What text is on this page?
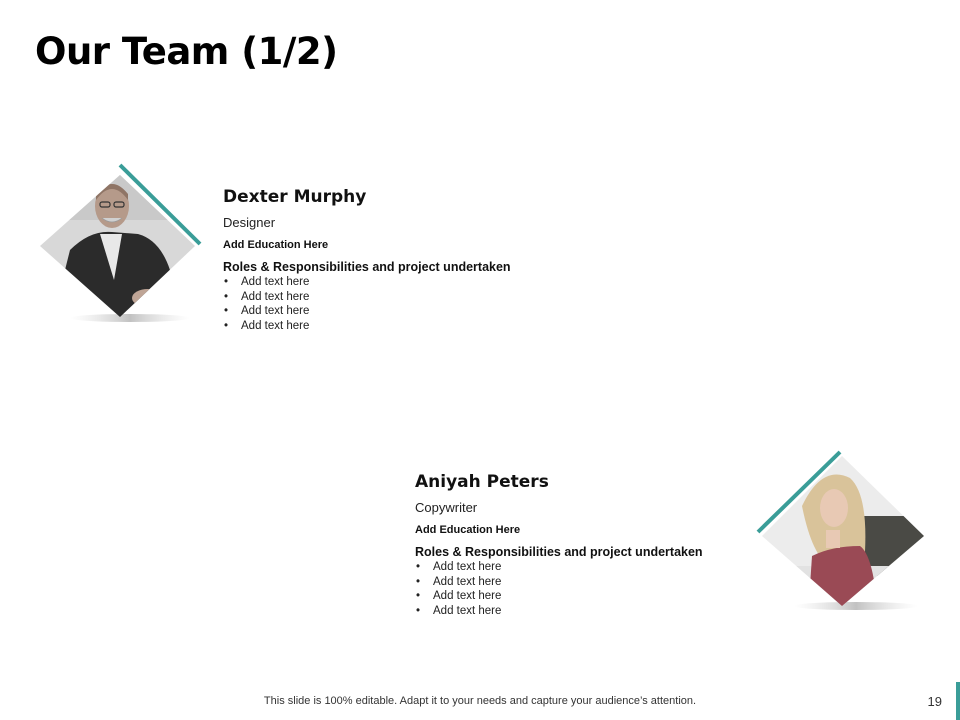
Our Team (1/2)
Dexter Murphy
Designer
Add Education Here
Roles & Responsibilities and project undertaken
• Add text here
• Add text here
• Add text here
• Add text here
Aniyah Peters
Copywriter
Add Education Here
Roles & Responsibilities and project undertaken
• Add text here
• Add text here
• Add text here
• Add text here
This slide is 100% editable. Adapt it to your needs and capture your audience’s attention.	19
